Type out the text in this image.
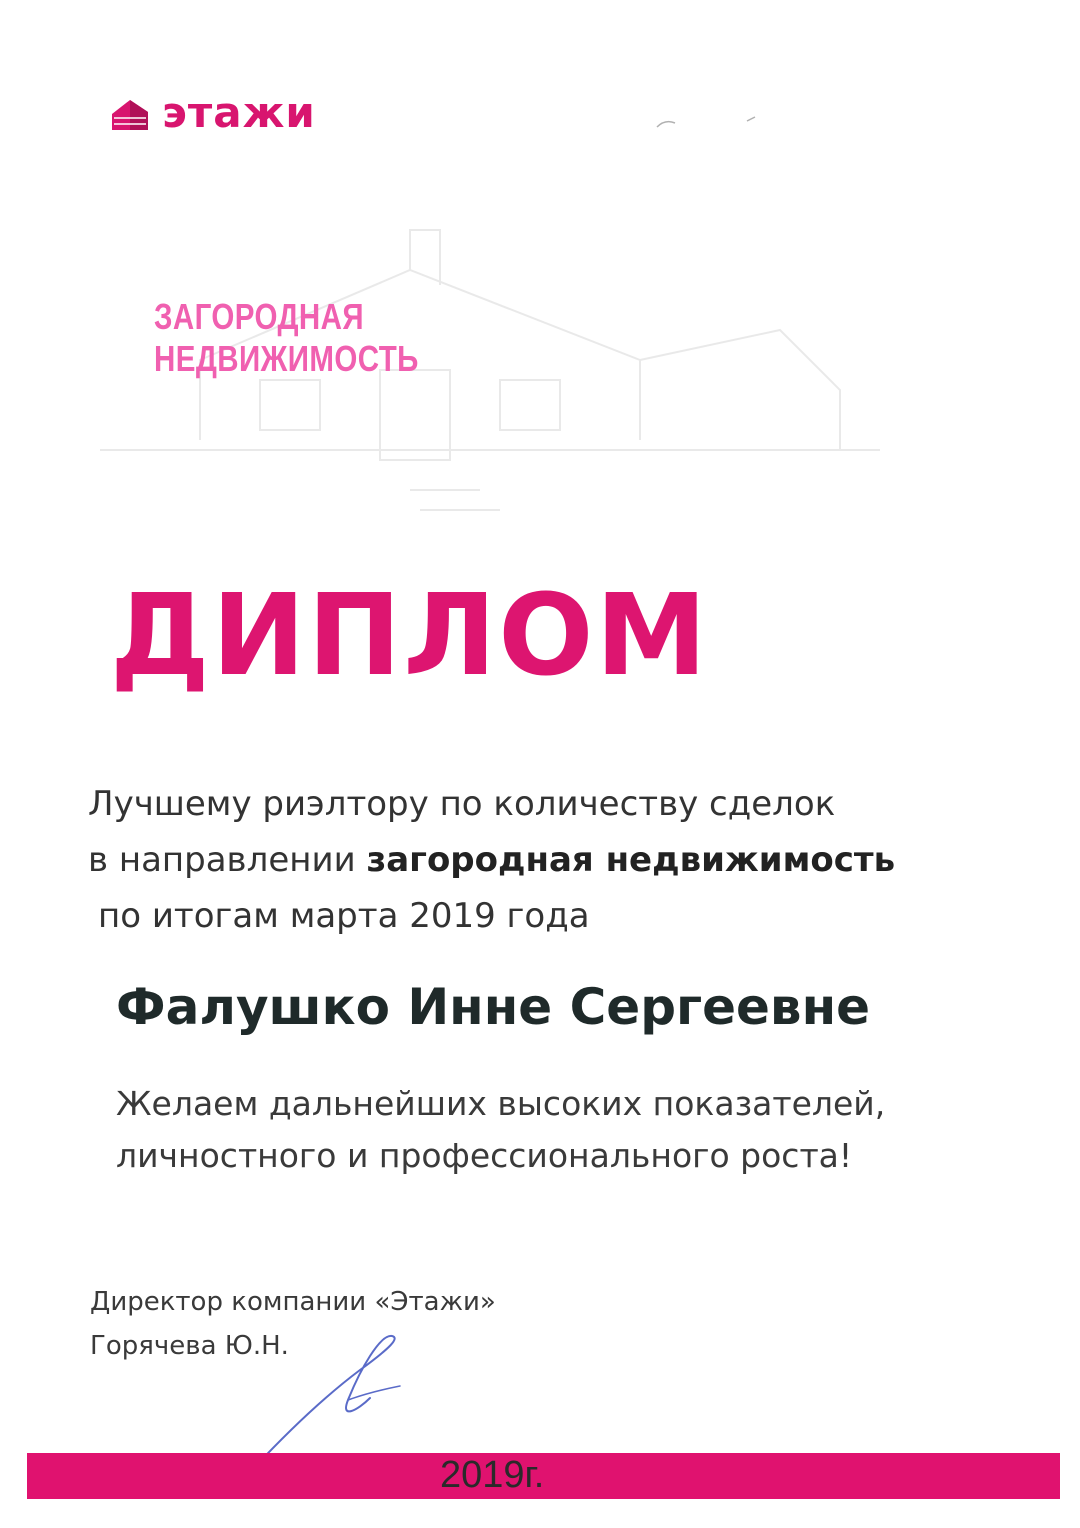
этажи
ЗАГОРОДНАЯ
НЕДВИЖИМОСТЬ
ДИПЛОМ
Лучшему риэлтору по количеству сделок
в направлении загородная недвижимость
по итогам марта 2019 года
Фалушко Инне Сергеевне
Желаем дальнейших высоких показателей,
личностного и профессионального роста!
Директор компании «Этажи»
Горячева Ю.Н.
2019г.
